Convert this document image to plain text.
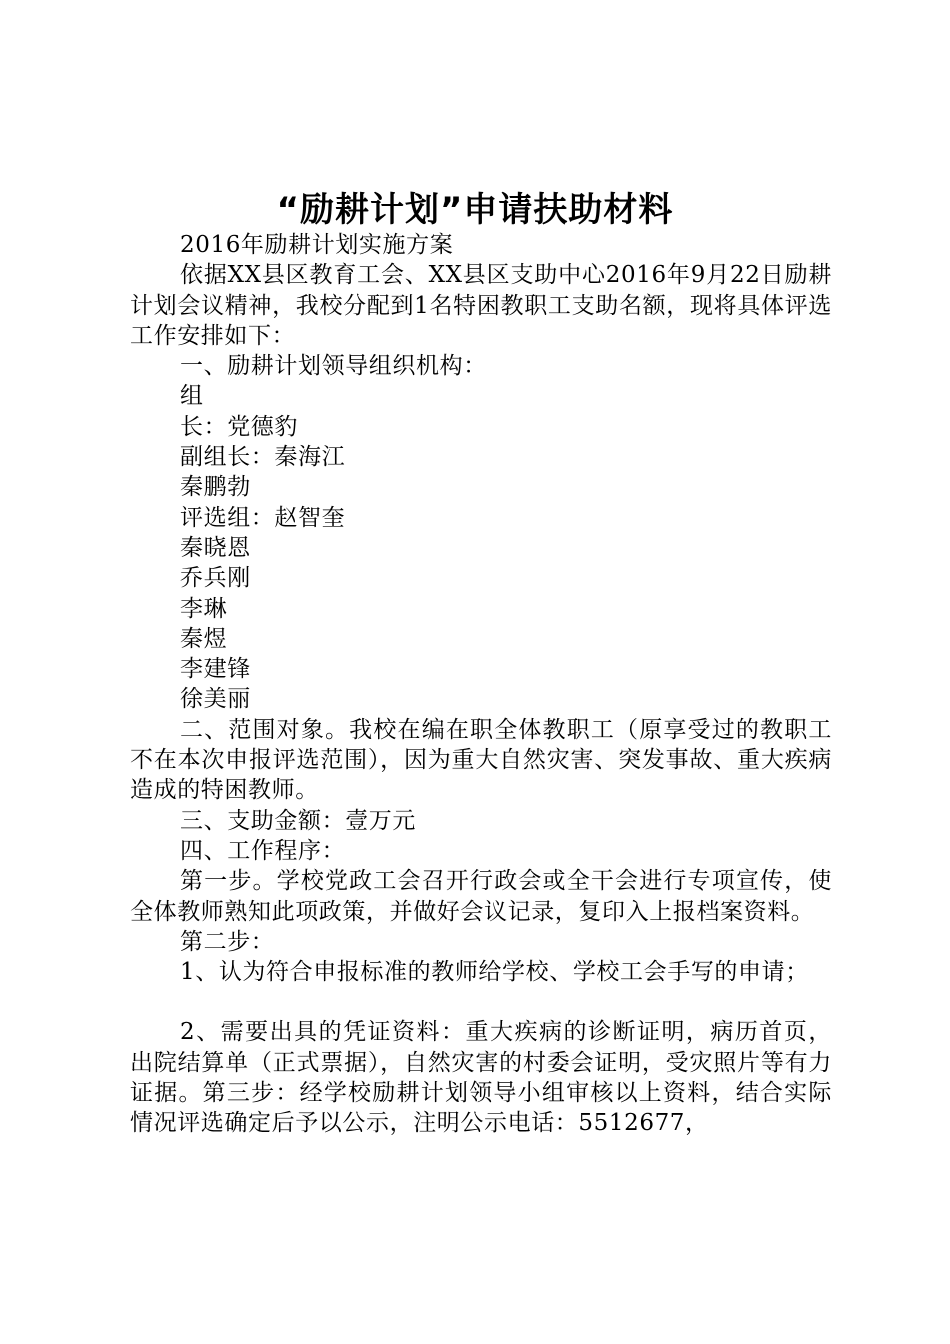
“励耕计划”申请扶助材料

2016年励耕计划实施方案

依据XX县区教育工会、XX县区支助中心2016年9月22日励耕计划会议精神，我校分配到1名特困教职工支助名额，现将具体评选工作安排如下：

一、励耕计划领导组织机构：

组

长：党德豹

副组长：秦海江

秦鹏勃

评选组：赵智奎

秦晓恩

乔兵刚

李琳

秦煜

李建锋

徐美丽

二、范围对象。我校在编在职全体教职工（原享受过的教职工不在本次申报评选范围），因为重大自然灾害、突发事故、重大疾病造成的特困教师。

三、支助金额：壹万元

四、工作程序：

第一步。学校党政工会召开行政会或全干会进行专项宣传，使全体教师熟知此项政策，并做好会议记录，复印入上报档案资料。

第二步：

1、认为符合申报标准的教师给学校、学校工会手写的申请；

2、需要出具的凭证资料：重大疾病的诊断证明，病历首页，出院结算单（正式票据），自然灾害的村委会证明，受灾照片等有力证据。第三步：经学校励耕计划领导小组审核以上资料，结合实际情况评选确定后予以公示，注明公示电话：5512677，
